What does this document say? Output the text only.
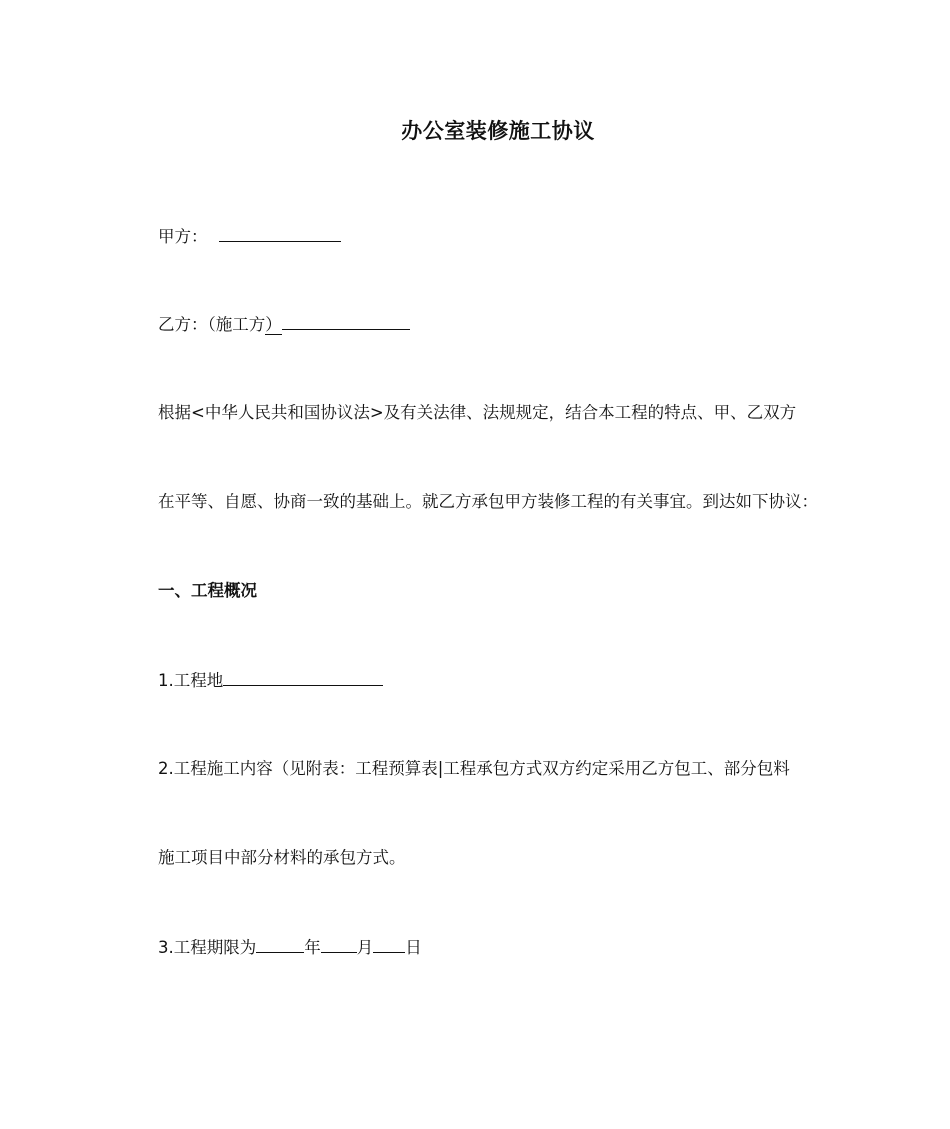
办公室装修施工协议
甲方：
乙方：（施工方）
根据<中华人民共和国协议法>及有关法律、法规规定，结合本工程的特点、甲、乙双方
在平等、自愿、协商一致的基础上。就乙方承包甲方装修工程的有关事宜。到达如下协议：
一、工程概况
1.工程地
2.工程施工内容（见附表：工程预算表|工程承包方式双方约定采用乙方包工、部分包料
施工项目中部分材料的承包方式。
3.工程期限为	年 月 日
